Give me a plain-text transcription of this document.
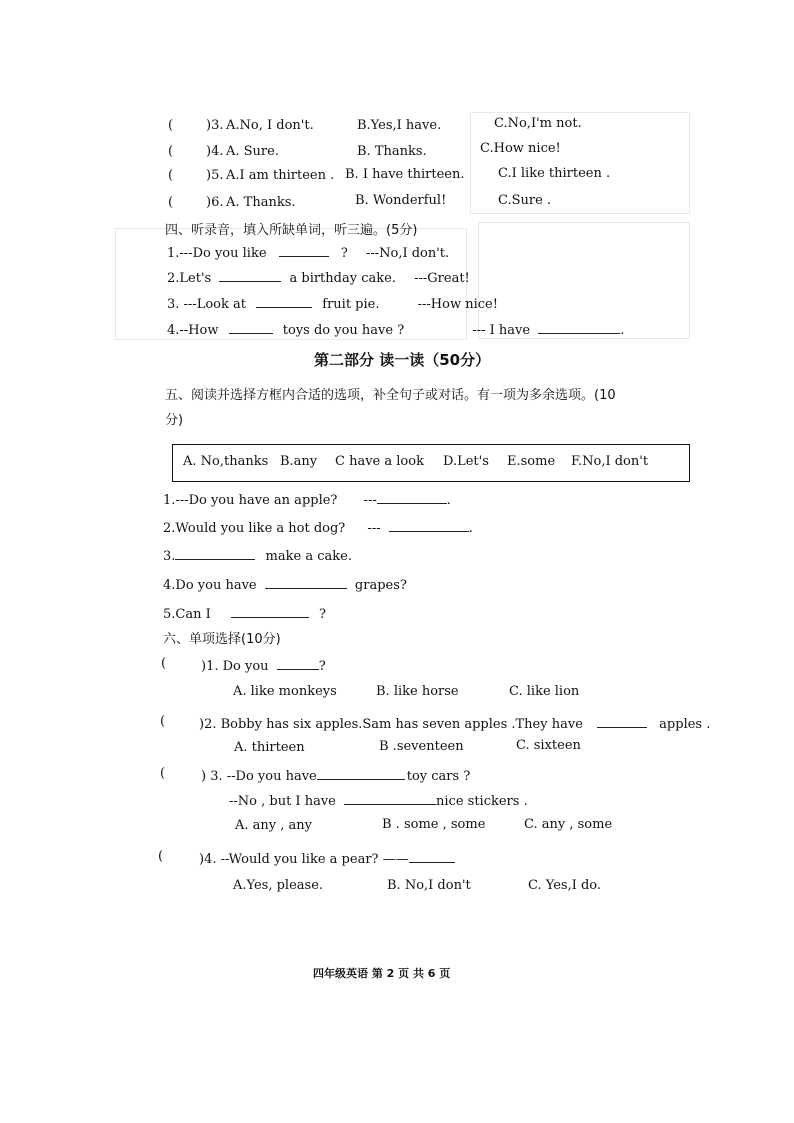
(	)3. A.No, I don't.	B.Yes,I have.	C.No,I'm not.
(	)4. A. Sure.	B. Thanks.	C.How nice!
(	)5. A.I am thirteen . B. I have thirteen.	C.I like thirteen .
(	)6. A. Thanks.	B. Wonderful!	C.Sure .
四、听录音，填入所缺单词，听三遍。(5分)
1.---Do you like	? ---No,I don't.
2.Let's	a birthday cake. ---Great!
3. ---Look at	fruit pie.	---How nice!
4.--How	toys do you have ?	--- I have	.
第二部分 读一读（50分）
五、阅读并选择方框内合适的选项，补全句子或对话。有一项为多余选项。(10
分)
A. No,thanks B.any C have a look D.Let's E.some F.No,I don't
1.---Do you have an apple? ---	.
2.Would you like a hot dog? ---	.
3.	make a cake.
4.Do you have	grapes?
5.Can I	?
六、单项选择(10分)
(	)1. Do you	?
A. like monkeys	B. like horse	C. like lion
(	)2. Bobby has six apples.Sam has seven apples .They have	apples .
A. thirteen	B .seventeen	C. sixteen
(	) 3. --Do you have	toy cars ?
--No , but I have	nice stickers .
A. any , any	B . some , some	C. any , some
(	)4. --Would you like a pear? ——
A.Yes, please.	B. No,I don't	C. Yes,I do.
四年级英语 第 2 页 共 6 页
